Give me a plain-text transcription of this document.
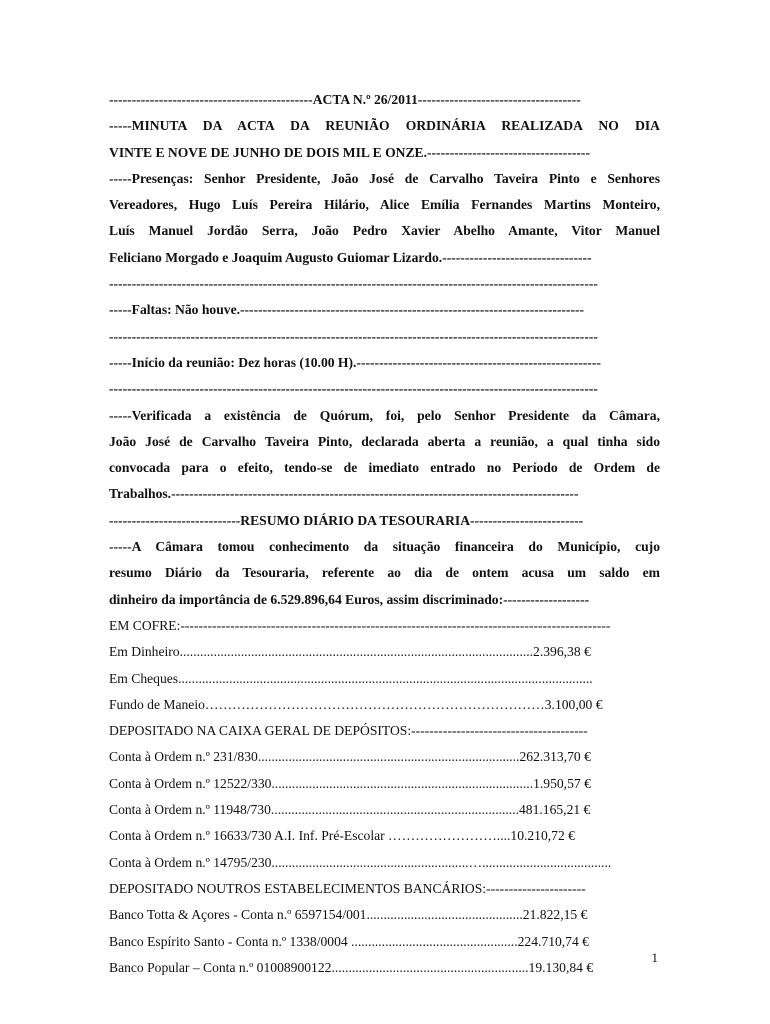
---------------------------------------------ACTA N.º 26/2011------------------------------------
-----MINUTA DA ACTA DA REUNIÃO ORDINÁRIA REALIZADA NO DIA
VINTE E NOVE DE JUNHO DE DOIS MIL E ONZE.------------------------------------
-----Presenças: Senhor Presidente, João José de Carvalho Taveira Pinto e Senhores
Vereadores, Hugo Luís Pereira Hilário, Alice Emília Fernandes Martins Monteiro,
Luís Manuel Jordão Serra, João Pedro Xavier Abelho Amante, Vitor Manuel
Feliciano Morgado e Joaquim Augusto Guiomar Lizardo.---------------------------------
------------------------------------------------------------------------------------------------------------
-----Faltas: Não houve.----------------------------------------------------------------------------
------------------------------------------------------------------------------------------------------------
-----Início da reunião: Dez horas (10.00 H).------------------------------------------------------
------------------------------------------------------------------------------------------------------------
-----Verificada a existência de Quórum, foi, pelo Senhor Presidente da Câmara,
João José de Carvalho Taveira Pinto, declarada aberta a reunião, a qual tinha sido
convocada para o efeito, tendo-se de imediato entrado no Período de Ordem de
Trabalhos.------------------------------------------------------------------------------------------
-----------------------------RESUMO DIÁRIO DA TESOURARIA-------------------------
-----A Câmara tomou conhecimento da situação financeira do Município, cujo
resumo Diário da Tesouraria, referente ao dia de ontem acusa um saldo em
dinheiro da importância de 6.529.896,64 Euros, assim discriminado:-------------------
EM COFRE:-----------------------------------------------------------------------------------------------
Em Dinheiro........................................................................................................2.396,38 €
Em Cheques..........................................................................................................................
Fundo de Maneio…………………………………………………………………3.100,00 €
DEPOSITADO NA CAIXA GERAL DE DEPÓSITOS:---------------------------------------
Conta à Ordem n.º 231/830.............................................................................262.313,70 €
Conta à Ordem n.º 12522/330.............................................................................1.950,57 €
Conta à Ordem n.º 11948/730.........................................................................481.165,21 €
Conta à Ordem n.º 16633/730 A.I. Inf. Pré-Escolar ……………………....10.210,72 €
Conta à Ordem n.º 14795/230..........................................................…......................................
DEPOSITADO NOUTROS ESTABELECIMENTOS BANCÁRIOS:----------------------
Banco Totta & Açores - Conta n.º 6597154/001..............................................21.822,15 €
Banco Espírito Santo - Conta n.º 1338/0004 .................................................224.710,74 €
Banco Popular – Conta n.º 01008900122..........................................................19.130,84 €
1
